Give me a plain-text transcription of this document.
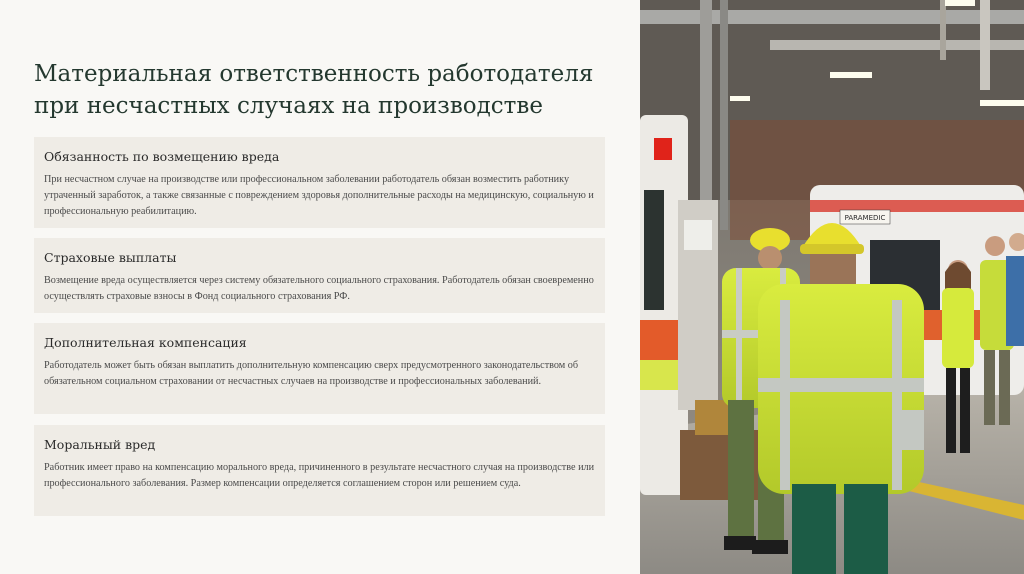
Материальная ответственность работодателя
при несчастных случаях на производстве
Обязанность по возмещению вреда

При несчастном случае на производстве или профессиональном заболевании работодатель обязан возместить работнику утраченный заработок, а также связанные с повреждением здоровья дополнительные расходы на медицинскую, социальную и профессиональную реабилитацию.

Страховые выплаты

Возмещение вреда осуществляется через систему обязательного социального страхования. Работодатель обязан своевременно осуществлять страховые взносы в Фонд социального страхования РФ.

Дополнительная компенсация

Работодатель может быть обязан выплатить дополнительную компенсацию сверх предусмотренного законодательством об обязательном социальном страховании от несчастных случаев на производстве и профессиональных заболеваний.

Моральный вред

Работник имеет право на компенсацию морального вреда, причиненного в результате несчастного случая на производстве или профессионального заболевания. Размер компенсации определяется соглашением сторон или решением суда.

PARAMEDIC
